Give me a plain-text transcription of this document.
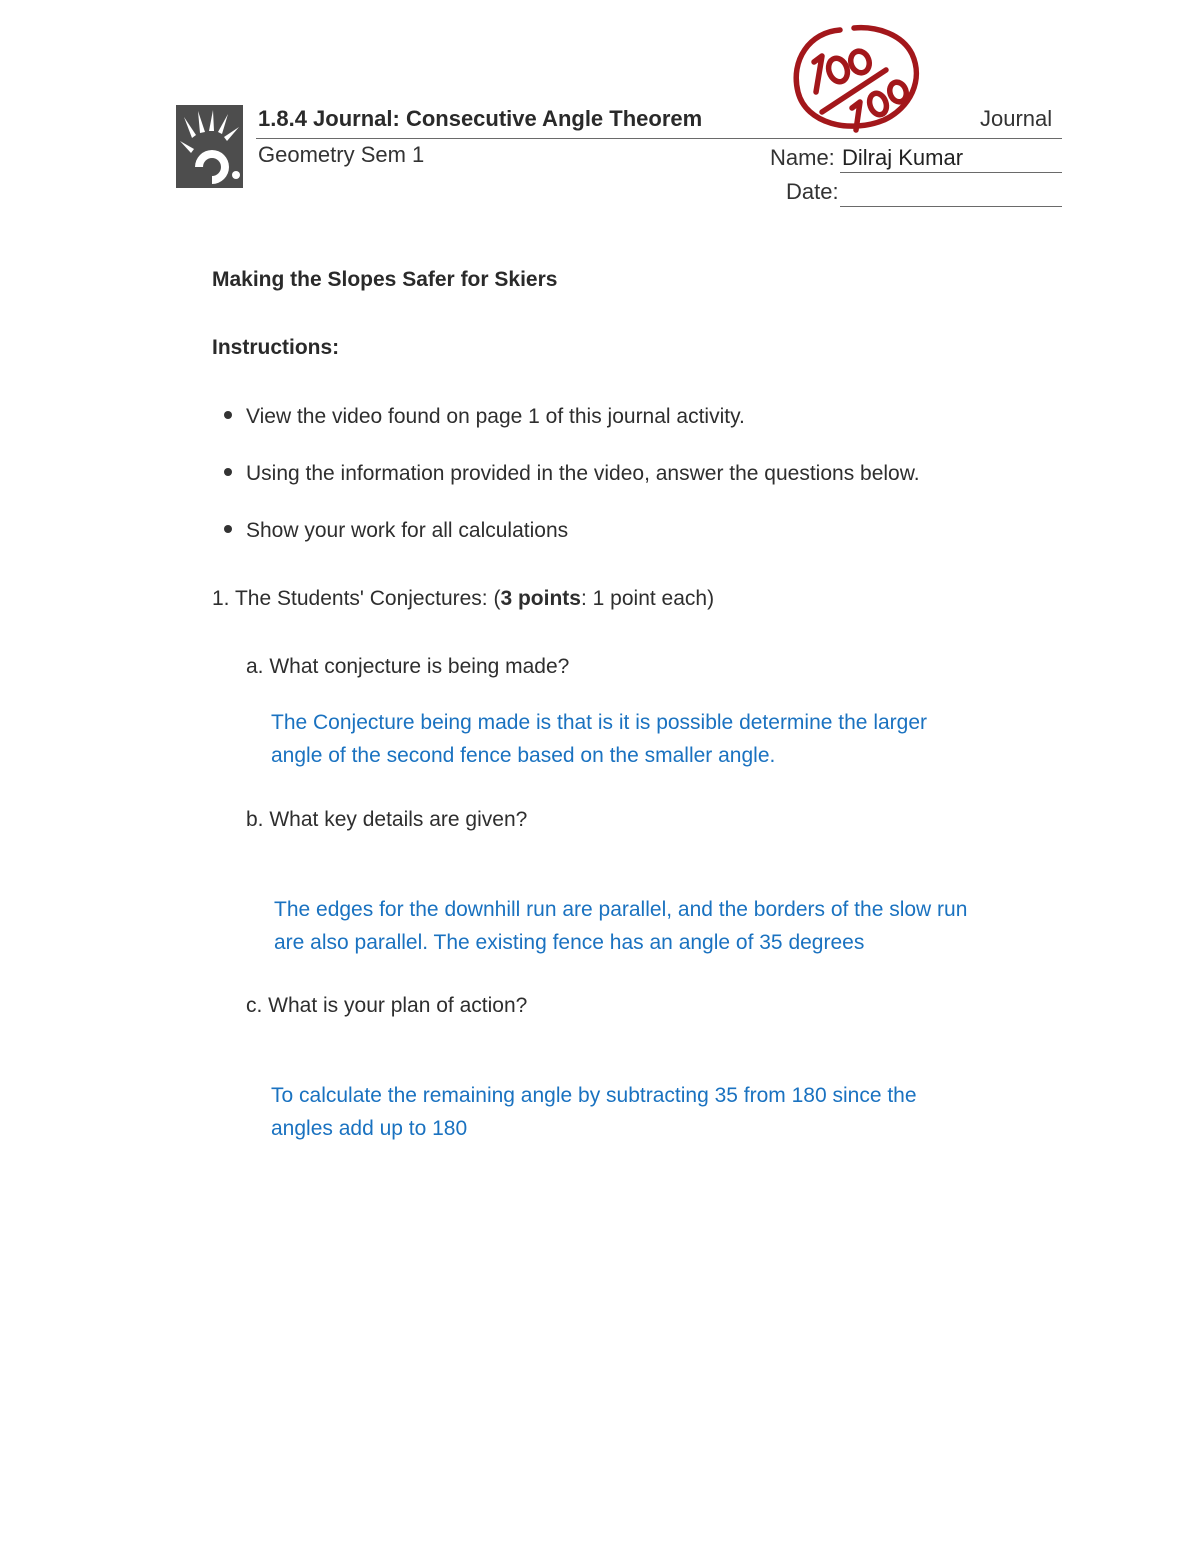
1.8.4 Journal: Consecutive Angle Theorem	Journal
Geometry Sem 1	Name: Dilraj Kumar
Date:
Making the Slopes Safer for Skiers
Instructions:
View the video found on page 1 of this journal activity.
Using the information provided in the video, answer the questions below.
Show your work for all calculations
1. The Students' Conjectures: (3 points: 1 point each)
a. What conjecture is being made?
The Conjecture being made is that is it is possible determine the larger
angle of the second fence based on the smaller angle.
b. What key details are given?
The edges for the downhill run are parallel, and the borders of the slow run
are also parallel. The existing fence has an angle of 35 degrees
c. What is your plan of action?
To calculate the remaining angle by subtracting 35 from 180 since the
angles add up to 180
